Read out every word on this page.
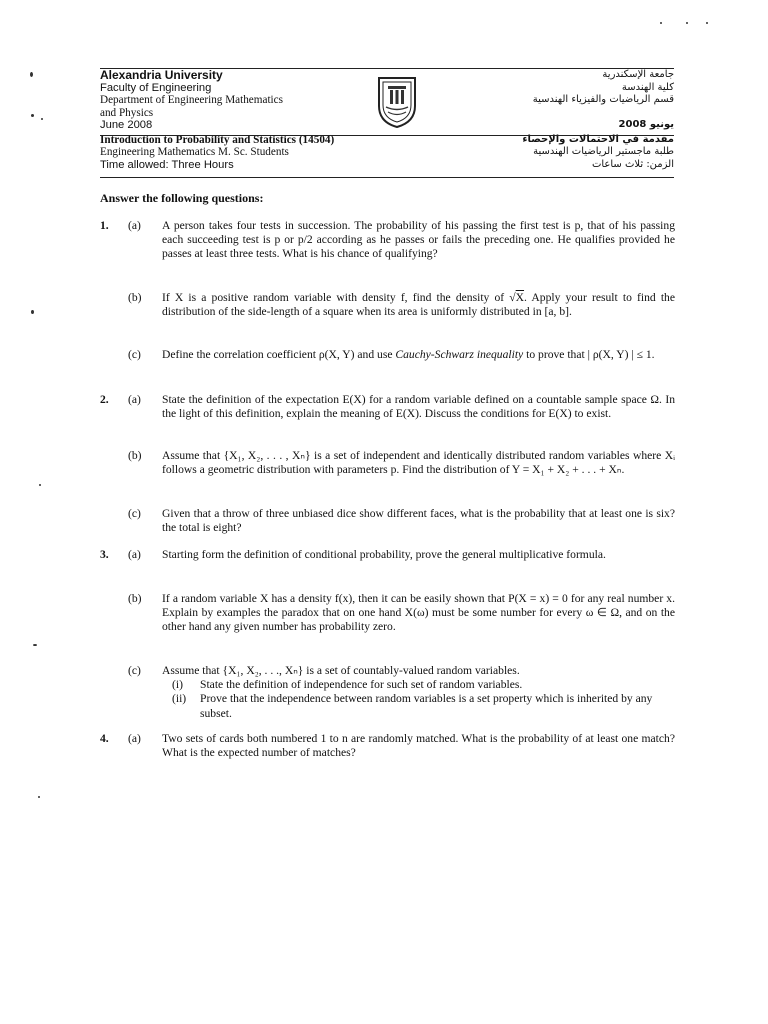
Alexandria University	جامعة الإسكندرية
Faculty of Engineering	كلية الهندسة
Department of Engineering Mathematics	قسم الرياضيات والفيزياء الهندسية
and Physics
June 2008	يونيو 2008
Introduction to Probability and Statistics (14504)	مقدمة في الاحتمالات والإحصاء
Engineering Mathematics M. Sc. Students	طلبة ماجستير الرياضيات الهندسية
Time allowed: Three Hours	الزمن: ثلاث ساعات
Answer the following questions:
1. (a) A person takes four tests in succession. The probability of his passing the first test is p, that of his passing each succeeding test is p or p/2 according as he passes or fails the preceding one. He qualifies provided he passes at least three tests. What is his chance of qualifying?
(b) If X is a positive random variable with density f, find the density of √X. Apply your result to find the distribution of the side-length of a square when its area is uniformly distributed in [a, b].
(c) Define the correlation coefficient ρ(X, Y) and use Cauchy-Schwarz inequality to prove that | ρ(X, Y) | ≤ 1.
2. (a) State the definition of the expectation E(X) for a random variable defined on a countable sample space Ω. In the light of this definition, explain the meaning of E(X). Discuss the conditions for E(X) to exist.
(b) Assume that {X₁, X₂, . . . , Xₙ} is a set of independent and identically distributed random variables where Xᵢ follows a geometric distribution with parameters p. Find the distribution of Y = X₁ + X₂ + . . . + Xₙ.
(c) Given that a throw of three unbiased dice show different faces, what is the probability that at least one is six? the total is eight?
3. (a) Starting form the definition of conditional probability, prove the general multiplicative formula.
(b) If a random variable X has a density f(x), then it can be easily shown that P(X = x) = 0 for any real number x. Explain by examples the paradox that on one hand X(ω) must be some number for every ω ∈ Ω, and on the other hand any given number has probability zero.
(c) Assume that {X₁, X₂, . . ., Xₙ} is a set of countably-valued random variables.
(i) State the definition of independence for such set of random variables.
(ii) Prove that the independence between random variables is a set property which is inherited by any subset.
4. (a) Two sets of cards both numbered 1 to n are randomly matched. What is the probability of at least one match? What is the expected number of matches?
